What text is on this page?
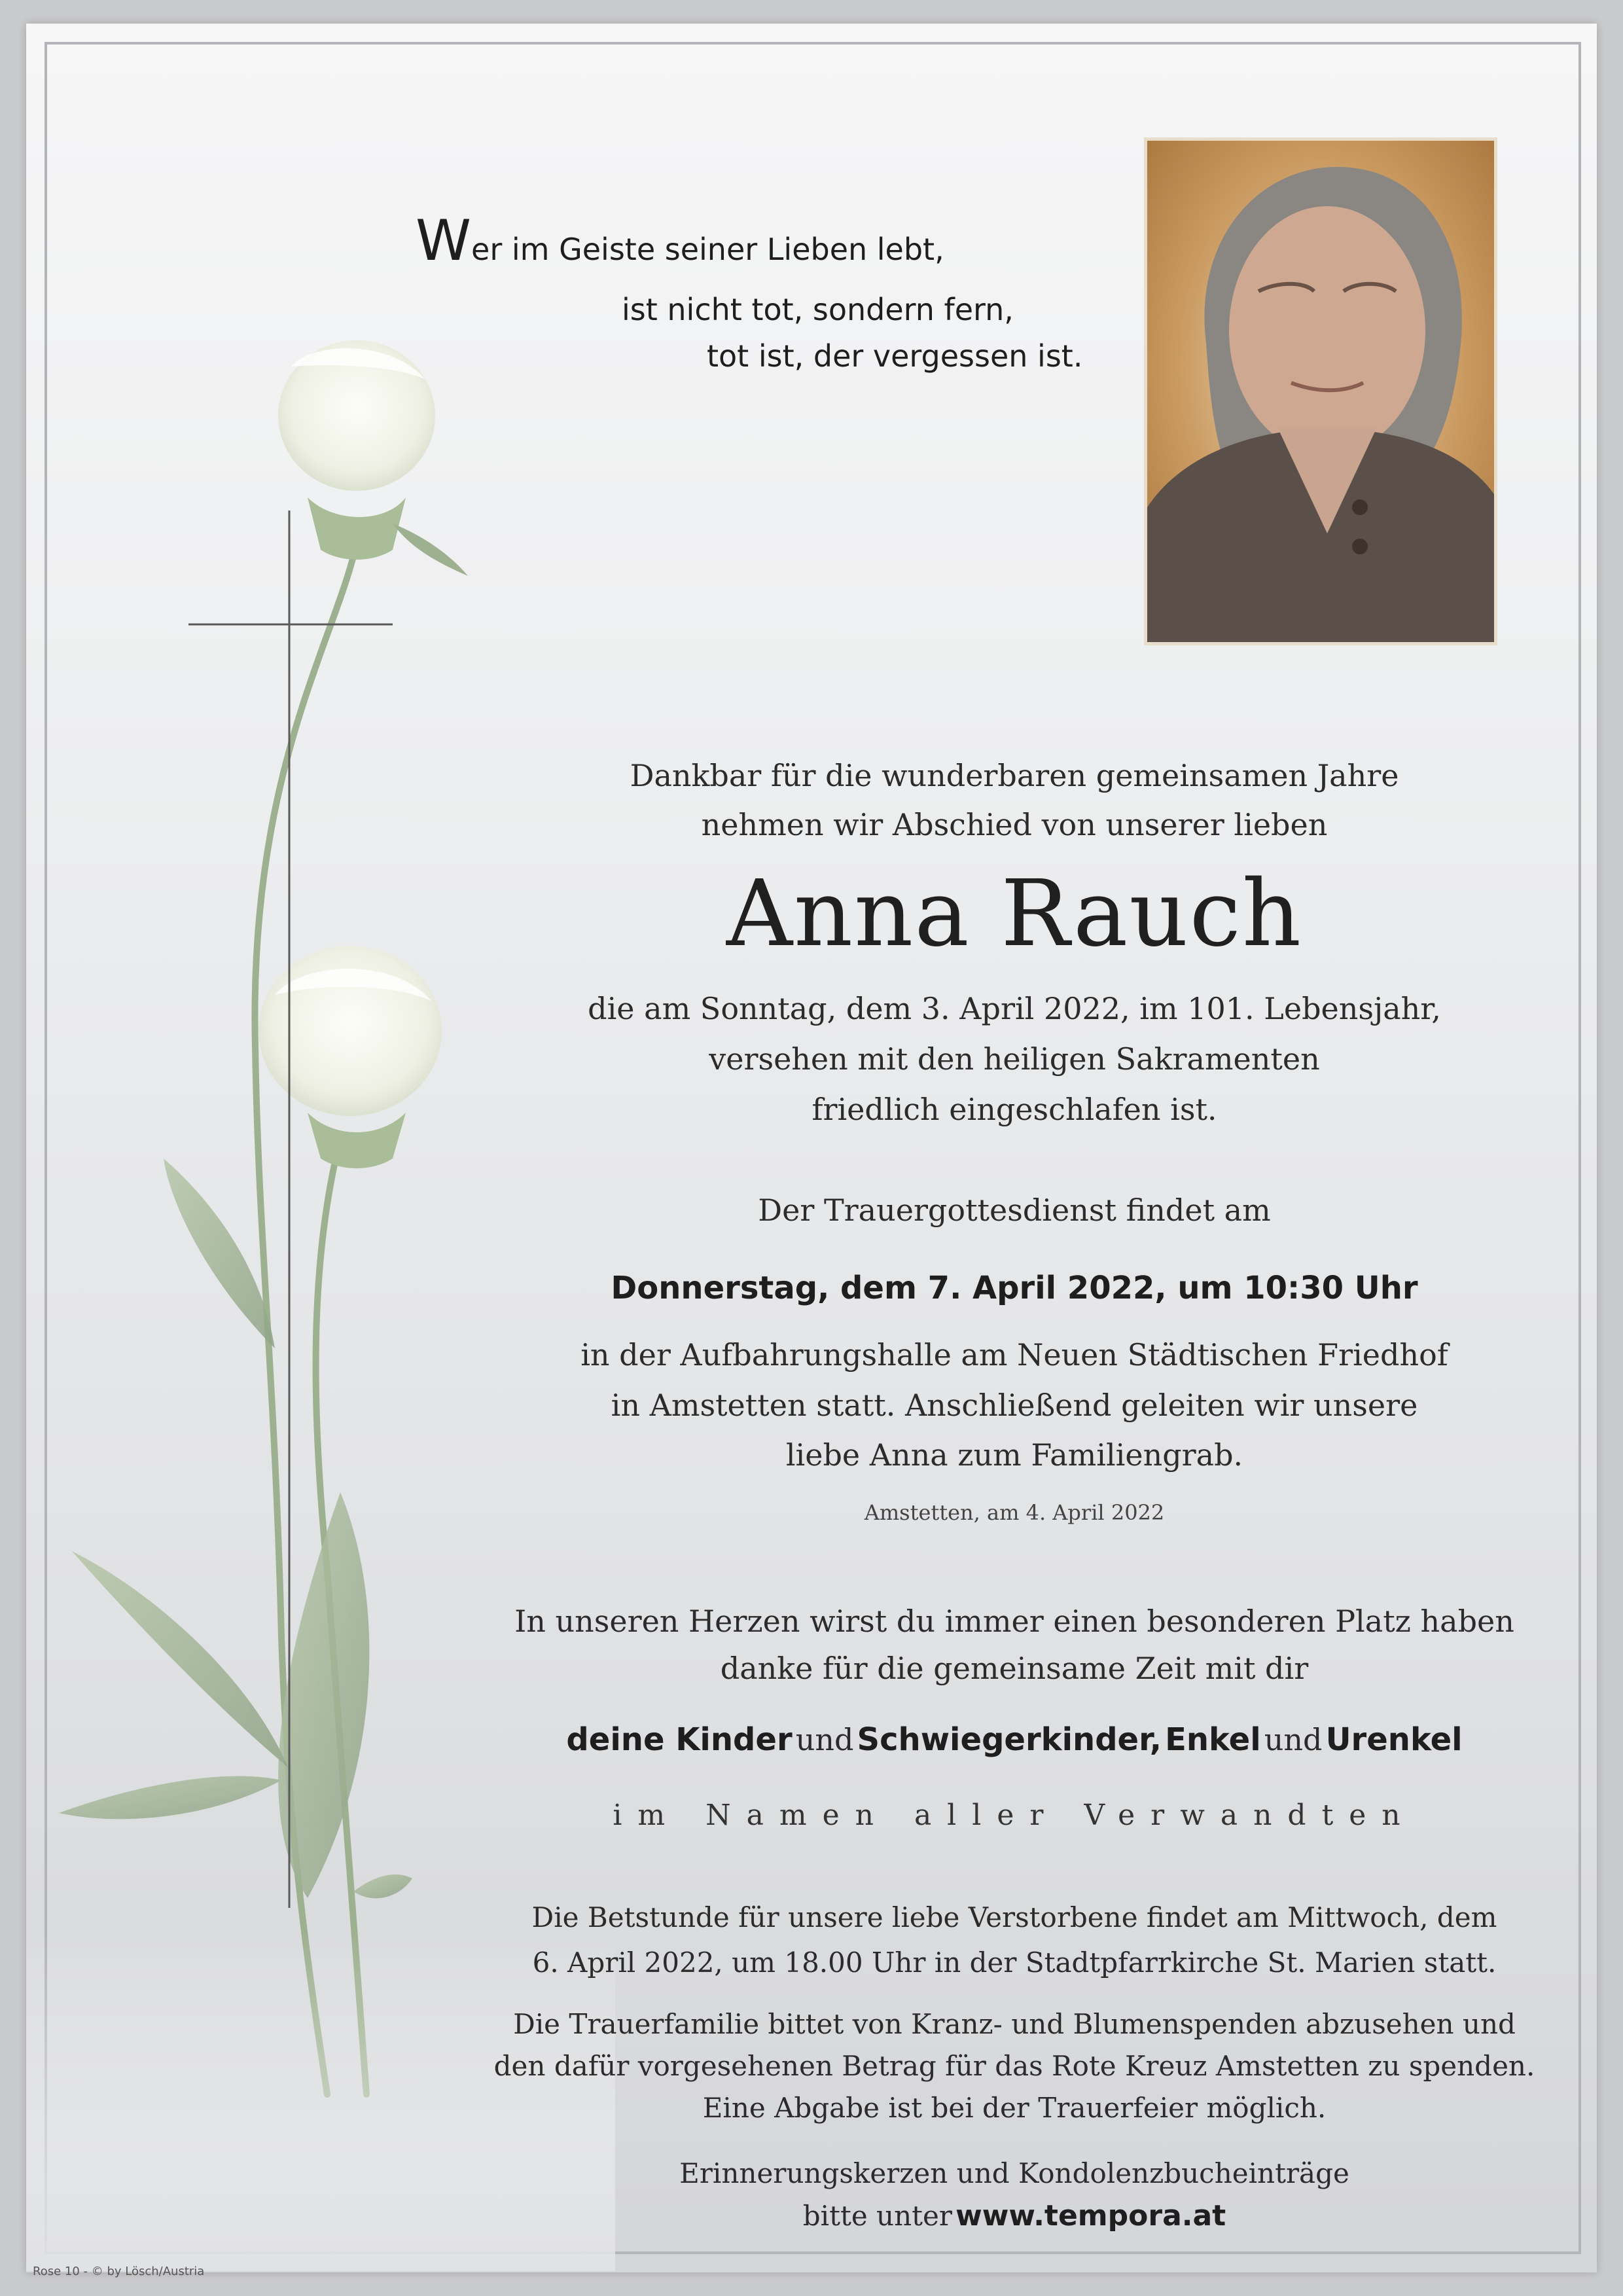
Wer im Geiste seiner Lieben lebt,
ist nicht tot, sondern fern,
tot ist, der vergessen ist.
Dankbar für die wunderbaren gemeinsamen Jahre
nehmen wir Abschied von unserer lieben
Anna Rauch
die am Sonntag, dem 3. April 2022, im 101. Lebensjahr,
versehen mit den heiligen Sakramenten
friedlich eingeschlafen ist.
Der Trauergottesdienst findet am
Donnerstag, dem 7. April 2022, um 10:30 Uhr
in der Aufbahrungshalle am Neuen Städtischen Friedhof
in Amstetten statt. Anschließend geleiten wir unsere
liebe Anna zum Familiengrab.
Amstetten, am 4. April 2022
In unseren Herzen wirst du immer einen besonderen Platz haben
danke für die gemeinsame Zeit mit dir
deine Kinder und Schwiegerkinder, Enkel und Urenkel
im Namen aller Verwandten
Die Betstunde für unsere liebe Verstorbene findet am Mittwoch, dem
6. April 2022, um 18.00 Uhr in der Stadtpfarrkirche St. Marien statt.
Die Trauerfamilie bittet von Kranz- und Blumenspenden abzusehen und
den dafür vorgesehenen Betrag für das Rote Kreuz Amstetten zu spenden.
Eine Abgabe ist bei der Trauerfeier möglich.
Erinnerungskerzen und Kondolenzbucheinträge
bitte unter www.tempora.at
Rose 10 - © by Lösch/Austria
